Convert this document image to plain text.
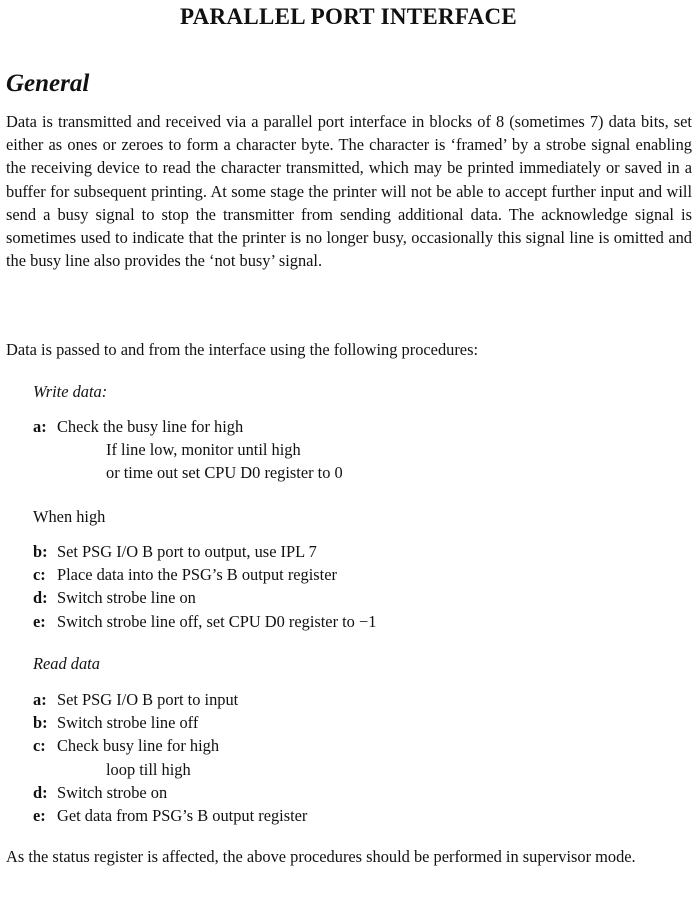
PARALLEL PORT INTERFACE
General

Data is transmitted and received via a parallel port interface in blocks of 8 (sometimes 7) data bits, set either as ones or zeroes to form a character byte. The character is ‘framed’ by a strobe signal enabling the receiving device to read the character transmitted, which may be printed immediately or saved in a buffer for subsequent printing. At some stage the printer will not be able to accept further input and will send a busy signal to stop the transmitter from sending additional data. The acknowledge signal is sometimes used to indicate that the printer is no longer busy, occasionally this signal line is omitted and the busy line also provides the ‘not busy’ signal.

Data is passed to and from the interface using the following procedures:

Write data:
a: Check the busy line for high
If line low, monitor until high
or time out set CPU D0 register to 0
When high
b: Set PSG I/O B port to output, use IPL 7
c: Place data into the PSG’s B output register
d: Switch strobe line on
e: Switch strobe line off, set CPU D0 register to −1
Read data
a: Set PSG I/O B port to input
b: Switch strobe line off
c: Check busy line for high
loop till high
d: Switch strobe on
e: Get data from PSG’s B output register

As the status register is affected, the above procedures should be performed in supervisor mode.
